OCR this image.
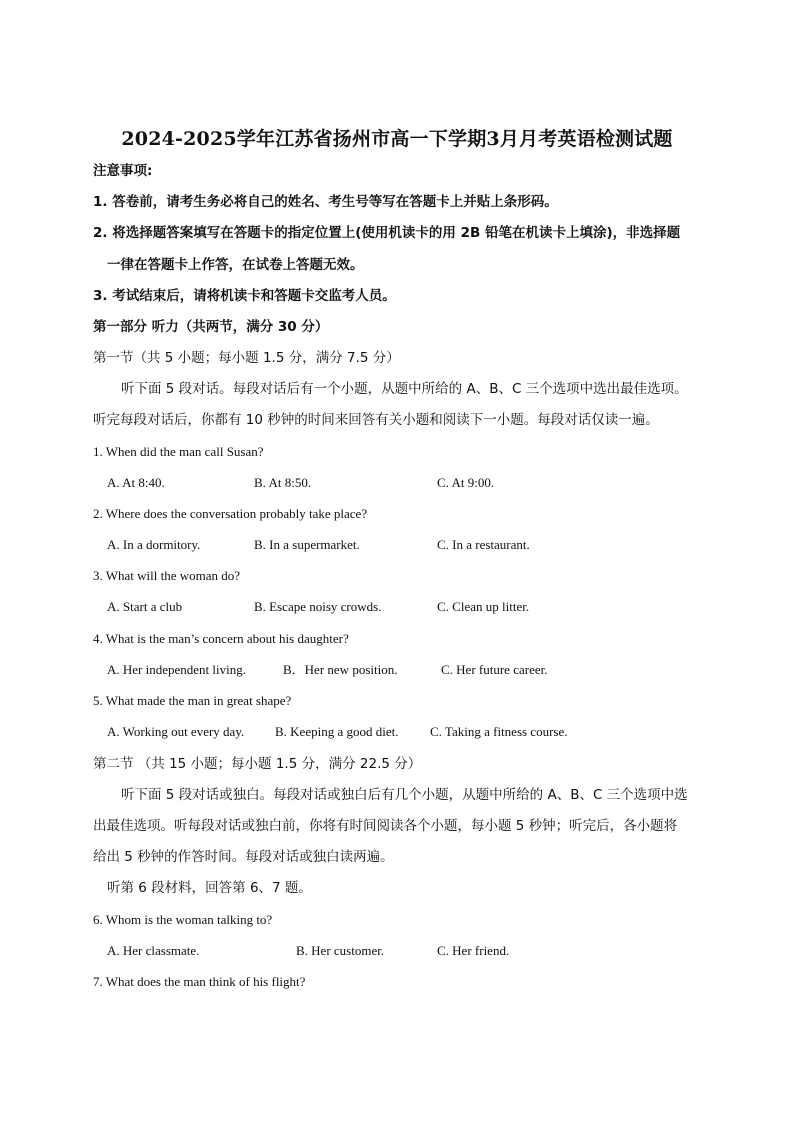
2024-2025学年江苏省扬州市高一下学期3月月考英语检测试题
注意事项:
1. 答卷前，请考生务必将自己的姓名、考生号等写在答题卡上并贴上条形码。
2. 将选择题答案填写在答题卡的指定位置上(使用机读卡的用 2B 铅笔在机读卡上填涂)，非选择题
一律在答题卡上作答，在试卷上答题无效。
3. 考试结束后，请将机读卡和答题卡交监考人员。
第一部分 听力（共两节，满分 30 分）
第一节（共 5 小题；每小题 1.5 分，满分 7.5 分）
听下面 5 段对话。每段对话后有一个小题，从题中所给的 A、B、C 三个选项中选出最佳选项。
听完每段对话后，你都有 10 秒钟的时间来回答有关小题和阅读下一小题。每段对话仅读一遍。
1. When did the man call Susan?
A. At 8:40.	B. At 8:50.	C. At 9:00.
2. Where does the conversation probably take place?
A. In a dormitory.	B. In a supermarket.	C. In a restaurant.
3. What will the woman do?
A. Start a club	B. Escape noisy crowds.	C. Clean up litter.
4. What is the man’s concern about his daughter?
A. Her independent living.	B．Her new position.	C. Her future career.
5. What made the man in great shape?
A. Working out every day. B. Keeping a good diet. C. Taking a fitness course.
第二节 （共 15 小题；每小题 1.5 分，满分 22.5 分）
听下面 5 段对话或独白。每段对话或独白后有几个小题，从题中所给的 A、B、C 三个选项中选
出最佳选项。听每段对话或独白前，你将有时间阅读各个小题，每小题 5 秒钟；听完后，各小题将
给出 5 秒钟的作答时间。每段对话或独白读两遍。
听第 6 段材料，回答第 6、7 题。
6. Whom is the woman talking to?
A. Her classmate.	B. Her customer.	C. Her friend.
7. What does the man think of his flight?
